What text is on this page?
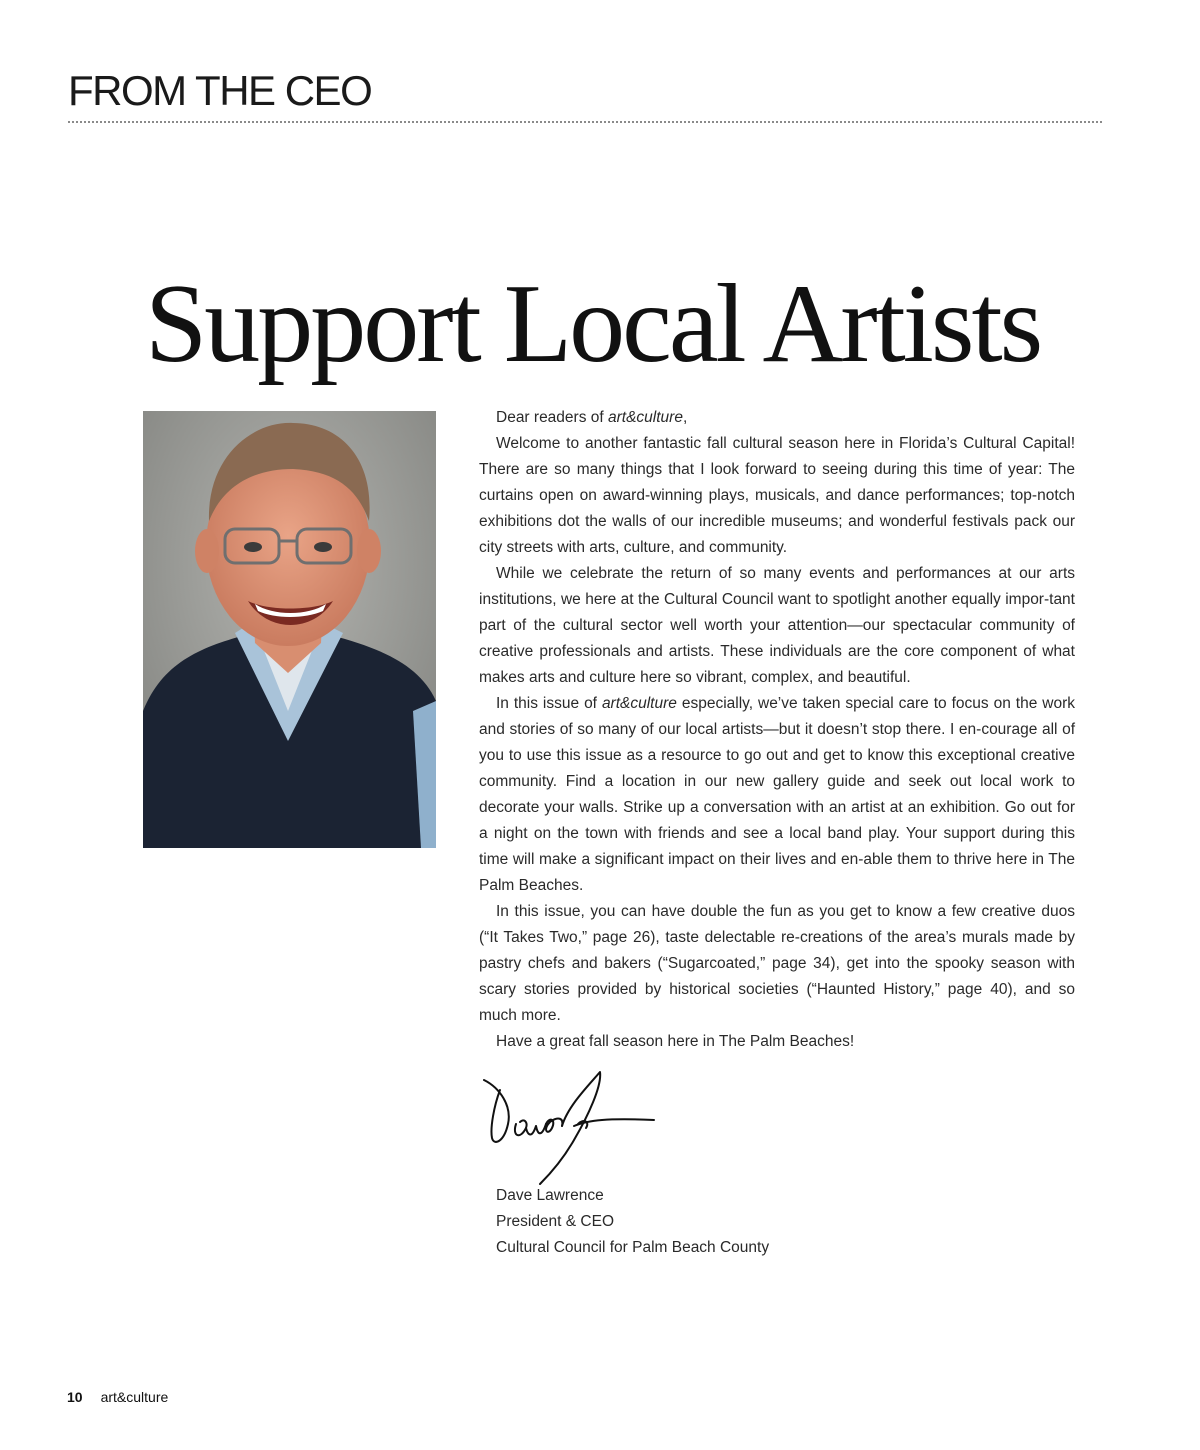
FROM THE CEO
Support Local Artists

Dear readers of art&culture,

Welcome to another fantastic fall cultural season here in Florida’s Cultural Capital! There are so many things that I look forward to seeing during this time of year: The curtains open on award-winning plays, musicals, and dance performances; top-notch exhibitions dot the walls of our incredible museums; and wonderful festivals pack our city streets with arts, culture, and community.

While we celebrate the return of so many events and performances at our arts institutions, we here at the Cultural Council want to spotlight another equally impor-tant part of the cultural sector well worth your attention—our spectacular community of creative professionals and artists. These individuals are the core component of what makes arts and culture here so vibrant, complex, and beautiful.

In this issue of art&culture especially, we’ve taken special care to focus on the work and stories of so many of our local artists—but it doesn’t stop there. I en-courage all of you to use this issue as a resource to go out and get to know this exceptional creative community. Find a location in our new gallery guide and seek out local work to decorate your walls. Strike up a conversation with an artist at an exhibition. Go out for a night on the town with friends and see a local band play. Your support during this time will make a significant impact on their lives and en-able them to thrive here in The Palm Beaches.

In this issue, you can have double the fun as you get to know a few creative duos (“It Takes Two,” page 26), taste delectable re-creations of the area’s murals made by pastry chefs and bakers (“Sugarcoated,” page 34), get into the spooky season with scary stories provided by historical societies (“Haunted History,” page 40), and so much more.

Have a great fall season here in The Palm Beaches!

Dave Lawrence
President & CEO
Cultural Council for Palm Beach County
10 art&culture
